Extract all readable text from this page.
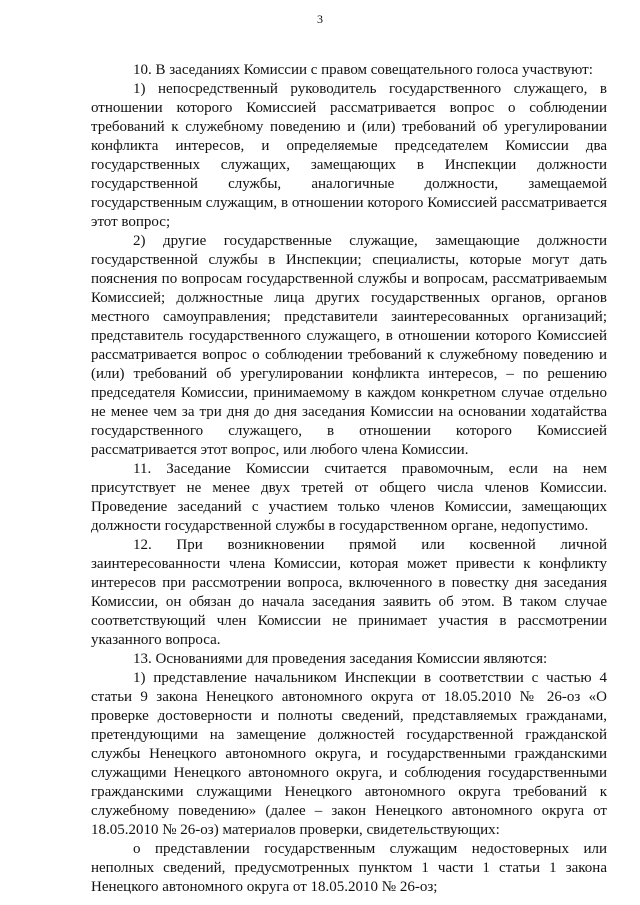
3

10. В заседаниях Комиссии с правом совещательного голоса участвуют:

1) непосредственный руководитель государственного служащего, в отношении которого Комиссией рассматривается вопрос о соблюдении требований к служебному поведению и (или) требований об урегулировании конфликта интересов, и определяемые председателем Комиссии два государственных служащих, замещающих в Инспекции должности государственной службы, аналогичные должности, замещаемой государственным служащим, в отношении которого Комиссией рассматривается этот вопрос;

2) другие государственные служащие, замещающие должности государственной службы в Инспекции; специалисты, которые могут дать пояснения по вопросам государственной службы и вопросам, рассматриваемым Комиссией; должностные лица других государственных органов, органов местного самоуправления; представители заинтересованных организаций; представитель государственного служащего, в отношении которого Комиссией рассматривается вопрос о соблюдении требований к служебному поведению и (или) требований об урегулировании конфликта интересов, – по решению председателя Комиссии, принимаемому в каждом конкретном случае отдельно не менее чем за три дня до дня заседания Комиссии на основании ходатайства государственного служащего, в отношении которого Комиссией рассматривается этот вопрос, или любого члена Комиссии.

11. Заседание Комиссии считается правомочным, если на нем присутствует не менее двух третей от общего числа членов Комиссии. Проведение заседаний с участием только членов Комиссии, замещающих должности государственной службы в государственном органе, недопустимо.

12. При возникновении прямой или косвенной личной заинтересованности члена Комиссии, которая может привести к конфликту интересов при рассмотрении вопроса, включенного в повестку дня заседания Комиссии, он обязан до начала заседания заявить об этом. В таком случае соответствующий член Комиссии не принимает участия в рассмотрении указанного вопроса.

13. Основаниями для проведения заседания Комиссии являются:

1) представление начальником Инспекции в соответствии с частью 4 статьи 9 закона Ненецкого автономного округа от 18.05.2010 № 26-оз «О проверке достоверности и полноты сведений, представляемых гражданами, претендующими на замещение должностей государственной гражданской службы Ненецкого автономного округа, и государственными гражданскими служащими Ненецкого автономного округа, и соблюдения государственными гражданскими служащими Ненецкого автономного округа требований к служебному поведению» (далее – закон Ненецкого автономного округа от 18.05.2010 № 26-оз) материалов проверки, свидетельствующих:

о представлении государственным служащим недостоверных или неполных сведений, предусмотренных пунктом 1 части 1 статьи 1 закона Ненецкого автономного округа от 18.05.2010 № 26-оз;
